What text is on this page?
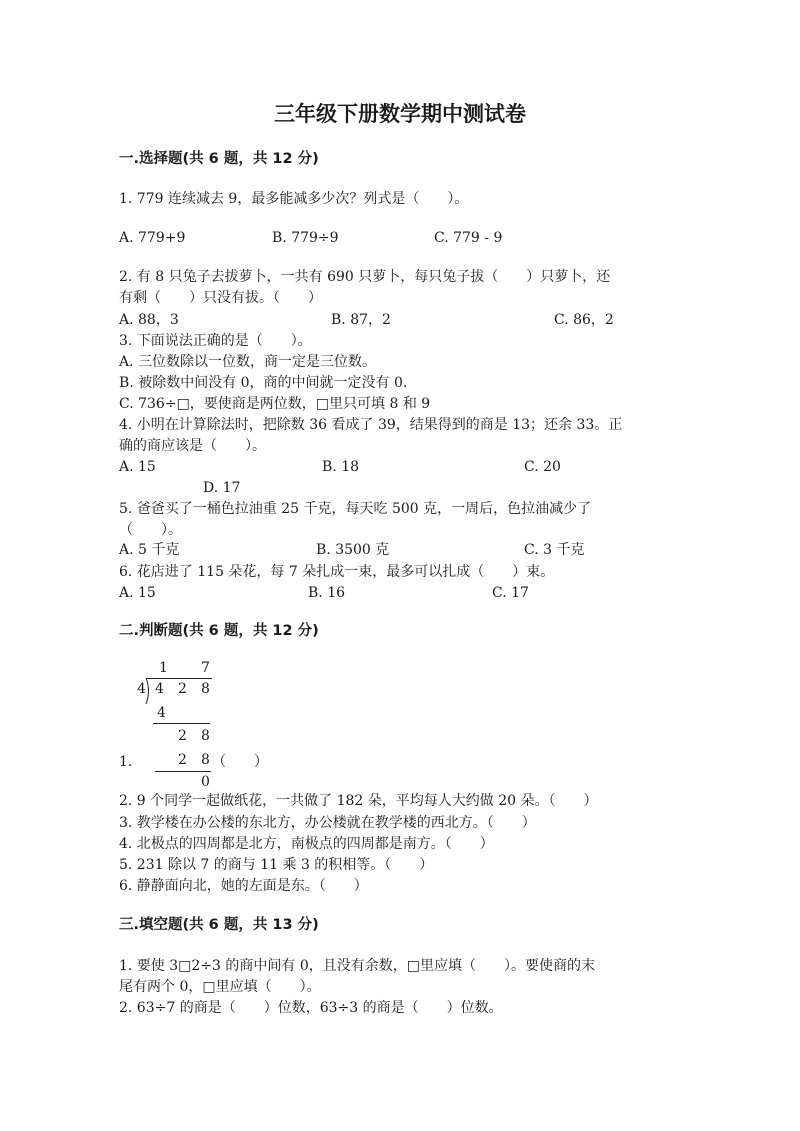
三年级下册数学期中测试卷
一.选择题(共 6 题，共 12 分)
1. 779 连续减去 9，最多能减多少次？列式是（　　）。
A. 779+9	B. 779÷9	C. 779 - 9
2. 有 8 只兔子去拔萝卜，一共有 690 只萝卜，每只兔子拔（　　）只萝卜，还
有剩（　　）只没有拔。（　　）
A. 88，3	B. 87，2	C. 86，2
3. 下面说法正确的是（　　）。
A. 三位数除以一位数，商一定是三位数。
B. 被除数中间没有 0，商的中间就一定没有 0.
C. 736÷□，要使商是两位数，□里只可填 8 和 9
4. 小明在计算除法时，把除数 36 看成了 39，结果得到的商是 13；还余 33。正
确的商应该是（　　）。
A. 15	B. 18	C. 20
D. 17
5. 爸爸买了一桶色拉油重 25 千克，每天吃 500 克，一周后，色拉油减少了
（　　）。
A. 5 千克	B. 3500 克	C. 3 千克
6. 花店进了 115 朵花，每 7 朵扎成一束，最多可以扎成（　　）束。
A. 15	B. 16	C. 17
二.判断题(共 6 题，共 12 分)
1 7
4 4 2 8
4
2 8
2 8
0
1.	（　　）
2. 9 个同学一起做纸花，一共做了 182 朵，平均每人大约做 20 朵。（　　）
3. 教学楼在办公楼的东北方，办公楼就在教学楼的西北方。（　　）
4. 北极点的四周都是北方，南极点的四周都是南方。（　　）
5. 231 除以 7 的商与 11 乘 3 的积相等。（　　）
6. 静静面向北，她的左面是东。（　　）
三.填空题(共 6 题，共 13 分)
1. 要使 3□2÷3 的商中间有 0，且没有余数，□里应填（　　）。要使商的末
尾有两个 0，□里应填（　　）。
2. 63÷7 的商是（　　）位数，63÷3 的商是（　　）位数。
